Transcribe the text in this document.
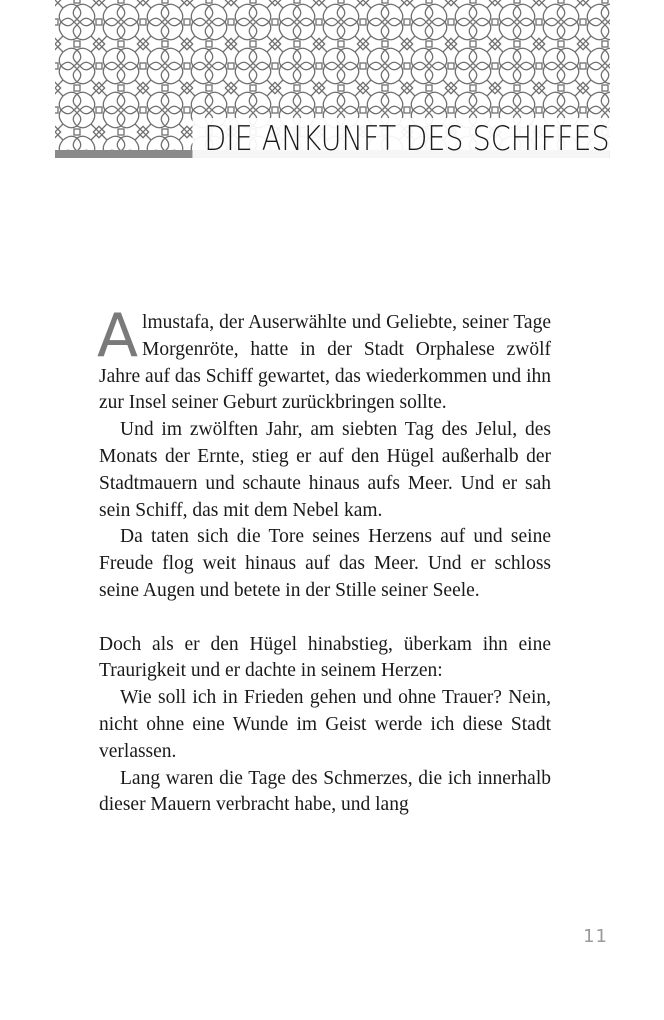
DIE ANKUNFT DES SCHIFFES

Almustafa, der Auserwählte und Geliebte, seiner Tage Morgenröte, hatte in der Stadt Orphalese zwölf Jahre auf das Schiff gewartet, das wiederkommen und ihn zur Insel seiner Geburt zurückbringen sollte.

Und im zwölften Jahr, am siebten Tag des Jelul, des Monats der Ernte, stieg er auf den Hügel außerhalb der Stadtmauern und schaute hinaus aufs Meer. Und er sah sein Schiff, das mit dem Nebel kam.

Da taten sich die Tore seines Herzens auf und seine Freude flog weit hinaus auf das Meer. Und er schloss seine Augen und betete in der Stille seiner Seele.

Doch als er den Hügel hinabstieg, überkam ihn eine Traurigkeit und er dachte in seinem Herzen:

Wie soll ich in Frieden gehen und ohne Trauer? Nein, nicht ohne eine Wunde im Geist werde ich diese Stadt verlassen.

Lang waren die Tage des Schmerzes, die ich innerhalb dieser Mauern verbracht habe, und lang

11
